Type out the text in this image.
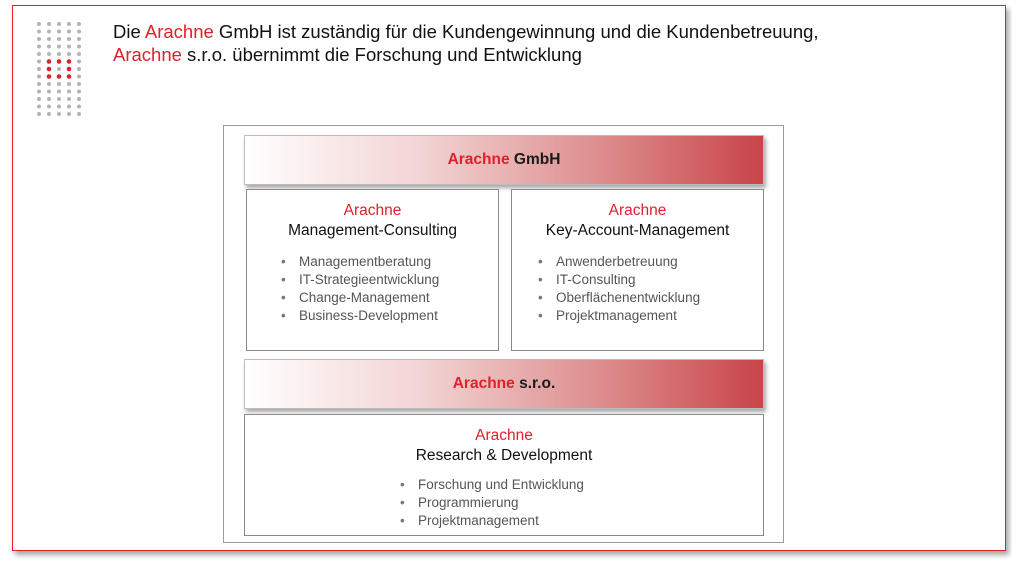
Die Arachne GmbH ist zuständig für die Kundengewinnung und die Kundenbetreuung,
Arachne s.r.o. übernimmt die Forschung und Entwicklung
Arachne
GmbH
Arachne
Management-Consulting
• Managementberatung
• IT-Strategieentwicklung
• Change-Management
• Business-Development
Arachne
Key-Account-Management
• Anwenderbetreuung
• IT-Consulting
• Oberflächenentwicklung
• Projektmanagement
Arachne
s.r.o.
Arachne
Research & Development
• Forschung und Entwicklung
• Programmierung
• Projektmanagement
